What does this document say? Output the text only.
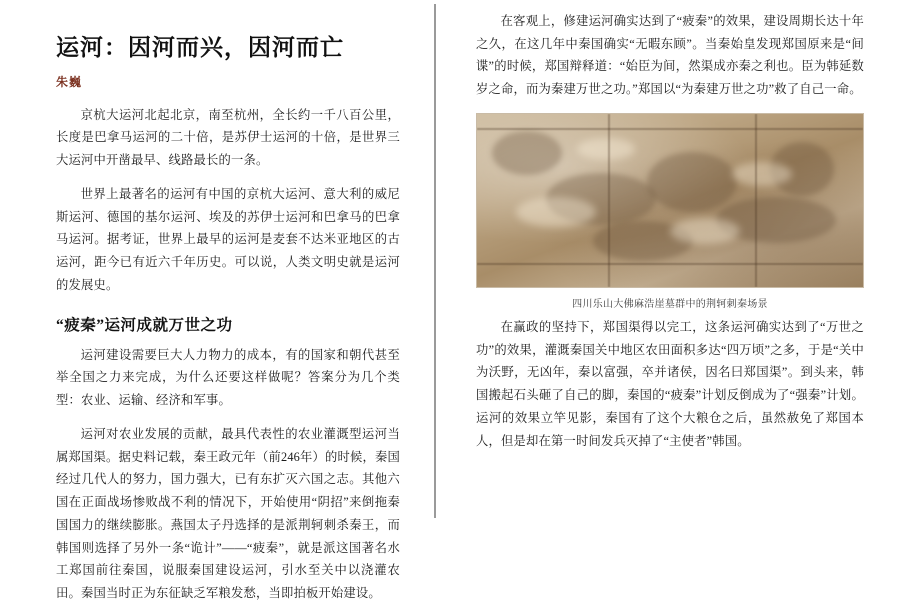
运河：因河而兴，因河而亡
朱巍

京杭大运河北起北京，南至杭州，全长约一千八百公里，长度是巴拿马运河的二十倍，是苏伊士运河的十倍，是世界三大运河中开凿最早、线路最长的一条。

世界上最著名的运河有中国的京杭大运河、意大利的威尼斯运河、德国的基尔运河、埃及的苏伊士运河和巴拿马的巴拿马运河。据考证，世界上最早的运河是麦套不达米亚地区的古运河，距今已有近六千年历史。可以说，人类文明史就是运河的发展史。

“疲秦”运河成就万世之功

运河建设需要巨大人力物力的成本，有的国家和朝代甚至举全国之力来完成，为什么还要这样做呢？答案分为几个类型：农业、运输、经济和军事。

运河对农业发展的贡献，最具代表性的农业灌溉型运河当属郑国渠。据史料记载，秦王政元年（前246年）的时候，秦国经过几代人的努力，国力强大，已有东扩灭六国之志。其他六国在正面战场惨败战不利的情况下，开始使用“阴招”来倒拖秦国国力的继续膨胀。燕国太子丹选择的是派荆轲刺杀秦王，而韩国则选择了另外一条“诡计”——“疲秦”，就是派这国著名水工郑国前往秦国，说服秦国建设运河，引水至关中以浇灌农田。秦国当时正为东征缺乏军粮发愁，当即拍板开始建设。

在客观上，修建运河确实达到了“疲秦”的效果，建设周期长达十年之久，在这几年中秦国确实“无暇东顾”。当秦始皇发现郑国原来是“间谍”的时候，郑国辩释道：“始臣为间，然渠成亦秦之利也。臣为韩延数岁之命，而为秦建万世之功。”郑国以“为秦建万世之功”救了自己一命。

四川乐山大佛麻浩崖墓群中的荆轲刺秦场景

在赢政的坚持下，郑国渠得以完工，这条运河确实达到了“万世之功”的效果，灌溉秦国关中地区农田面积多达“四万顷”之多，于是“关中为沃野，无凶年，秦以富强，卒并诸侯，因名曰郑国渠”。到头来，韩国搬起石头砸了自己的脚，秦国的“疲秦”计划反倒成为了“强秦”计划。运河的效果立竿见影，秦国有了这个大粮仓之后，虽然赦免了郑国本人，但是却在第一时间发兵灭掉了“主使者”韩国。
